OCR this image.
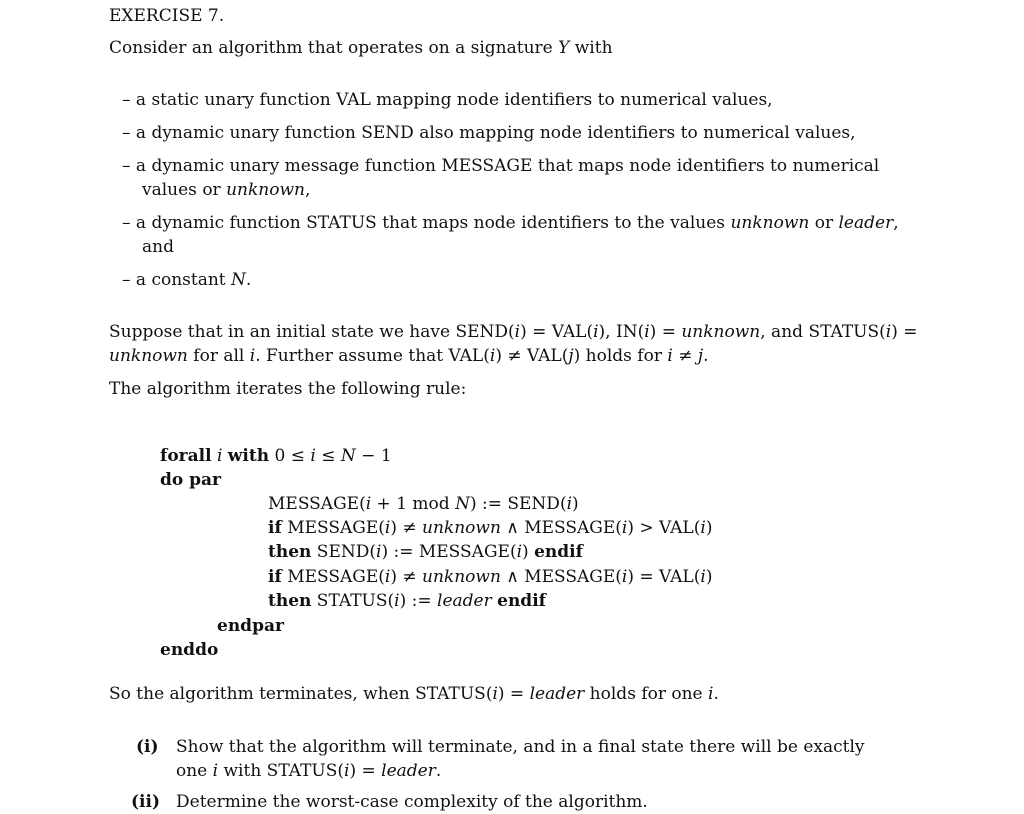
EXERCISE 7.
Consider an algorithm that operates on a signature Υ with
– a static unary function VAL mapping node identifiers to numerical values,
– a dynamic unary function SEND also mapping node identifiers to numerical values,
– a dynamic unary message function MESSAGE that maps node identifiers to numerical
values or unknown,
– a dynamic function STATUS that maps node identifiers to the values unknown or leader,
and
– a constant N.
Suppose that in an initial state we have SEND(i) = VAL(i), IN(i) = unknown, and STATUS(i) =
unknown for all i. Further assume that VAL(i) ≠ VAL(j) holds for i ≠ j.
The algorithm iterates the following rule:
forall i with 0 ≤ i ≤ N − 1
do par
MESSAGE(i + 1 mod N) := SEND(i)
if MESSAGE(i) ≠ unknown ∧ MESSAGE(i) > VAL(i)
then SEND(i) := MESSAGE(i) endif
if MESSAGE(i) ≠ unknown ∧ MESSAGE(i) = VAL(i)
then STATUS(i) := leader endif
endpar
enddo
So the algorithm terminates, when STATUS(i) = leader holds for one i.
(i) Show that the algorithm will terminate, and in a final state there will be exactly
one i with STATUS(i) = leader.
(ii) Determine the worst-case complexity of the algorithm.
